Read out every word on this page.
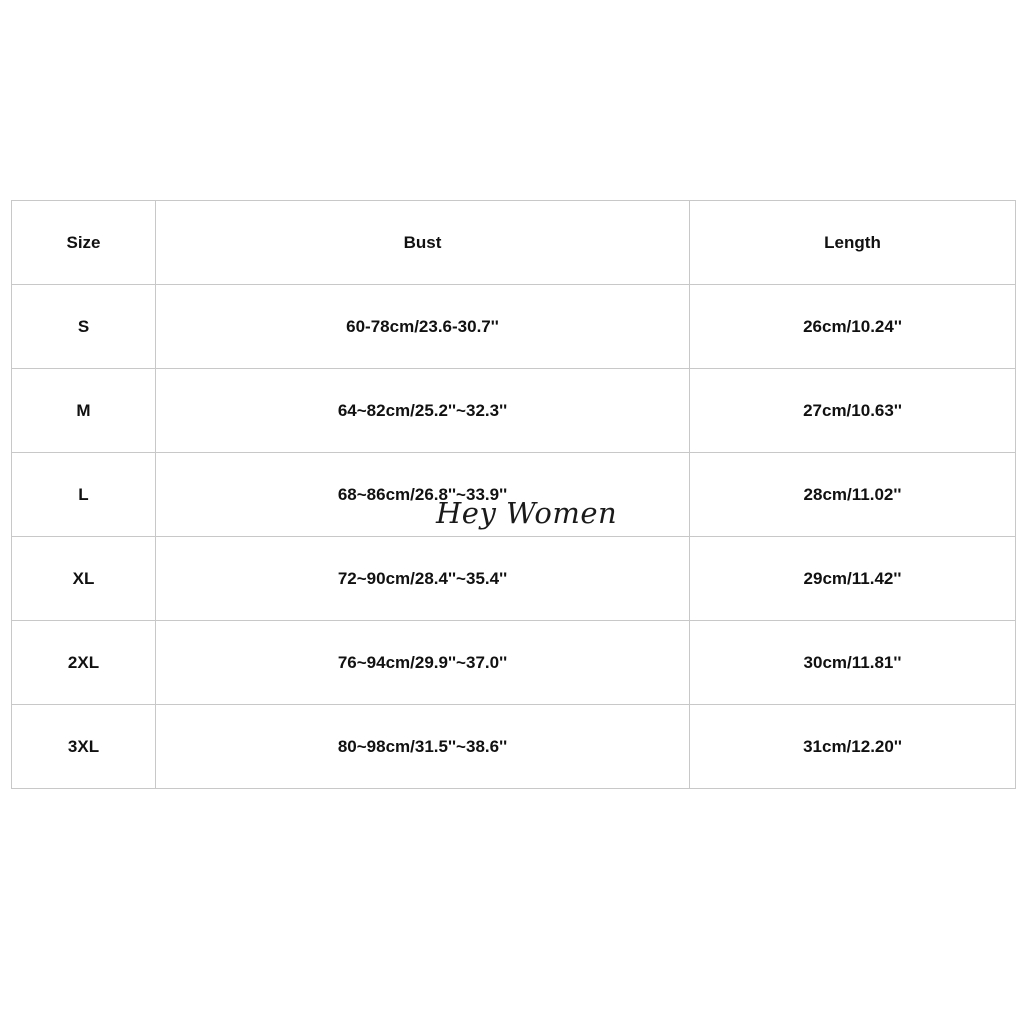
Size	Bust	Length
S	60-78cm/23.6-30.7''	26cm/10.24''
M	64~82cm/25.2''~32.3''	27cm/10.63''
L	68~86cm/26.8''~33.9''	28cm/11.02''
XL	72~90cm/28.4''~35.4''	29cm/11.42''
2XL	76~94cm/29.9''~37.0''	30cm/11.81''
3XL	80~98cm/31.5''~38.6''	31cm/12.20''
Hey Women
